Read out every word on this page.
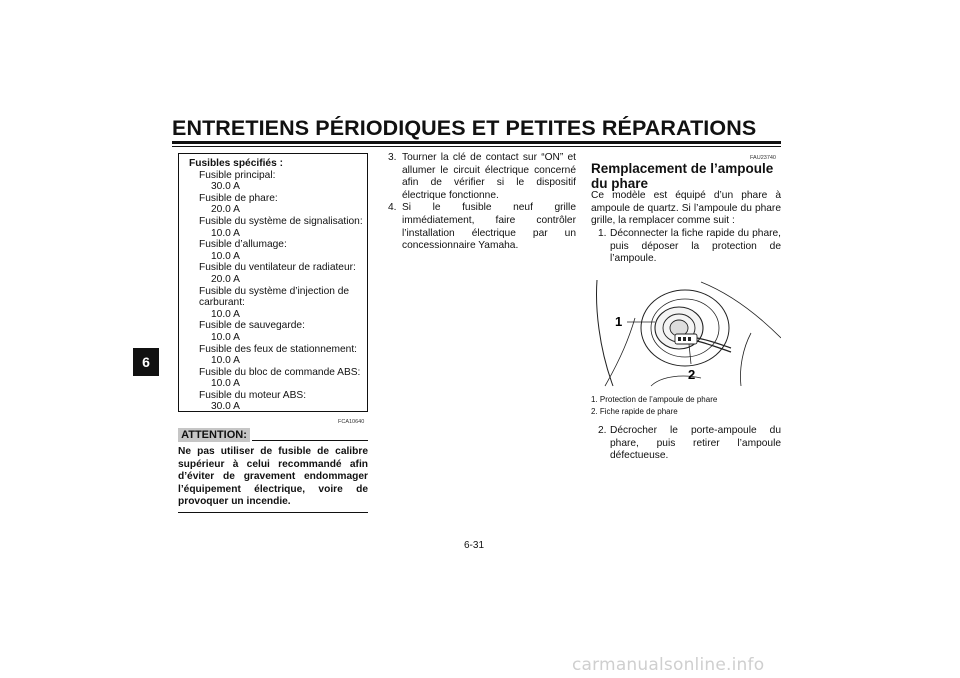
ENTRETIENS PÉRIODIQUES ET PETITES RÉPARATIONS
6
Fusibles spécifiés :
Fusible principal:
30.0 A
Fusible de phare:
20.0 A
Fusible du système de signalisation:
10.0 A
Fusible d’allumage:
10.0 A
Fusible du ventilateur de radiateur:
20.0 A
Fusible du système d’injection de carburant:
10.0 A
Fusible de sauvegarde:
10.0 A
Fusible des feux de stationnement:
10.0 A
Fusible du bloc de commande ABS:
10.0 A
Fusible du moteur ABS:
30.0 A
FCA10640
ATTENTION:
Ne pas utiliser de fusible de calibre supérieur à celui recommandé afin d’éviter de gravement endommager l’équipement électrique, voire de provoquer un incendie.
3. Tourner la clé de contact sur “ON” et allumer le circuit électrique concerné afin de vérifier si le dispositif électrique fonctionne.
4. Si le fusible neuf grille immédiatement, faire contrôler l’installation électrique par un concessionnaire Yamaha.
FAU23740
Remplacement de l’ampoule du phare
Ce modèle est équipé d’un phare à ampoule de quartz. Si l’ampoule du phare grille, la remplacer comme suit :
1. Déconnecter la fiche rapide du phare, puis déposer la protection de l’ampoule.
1
2
1. Protection de l’ampoule de phare
2. Fiche rapide de phare
2. Décrocher le porte-ampoule du phare, puis retirer l’ampoule défectueuse.
6-31
carmanualsonline.info
